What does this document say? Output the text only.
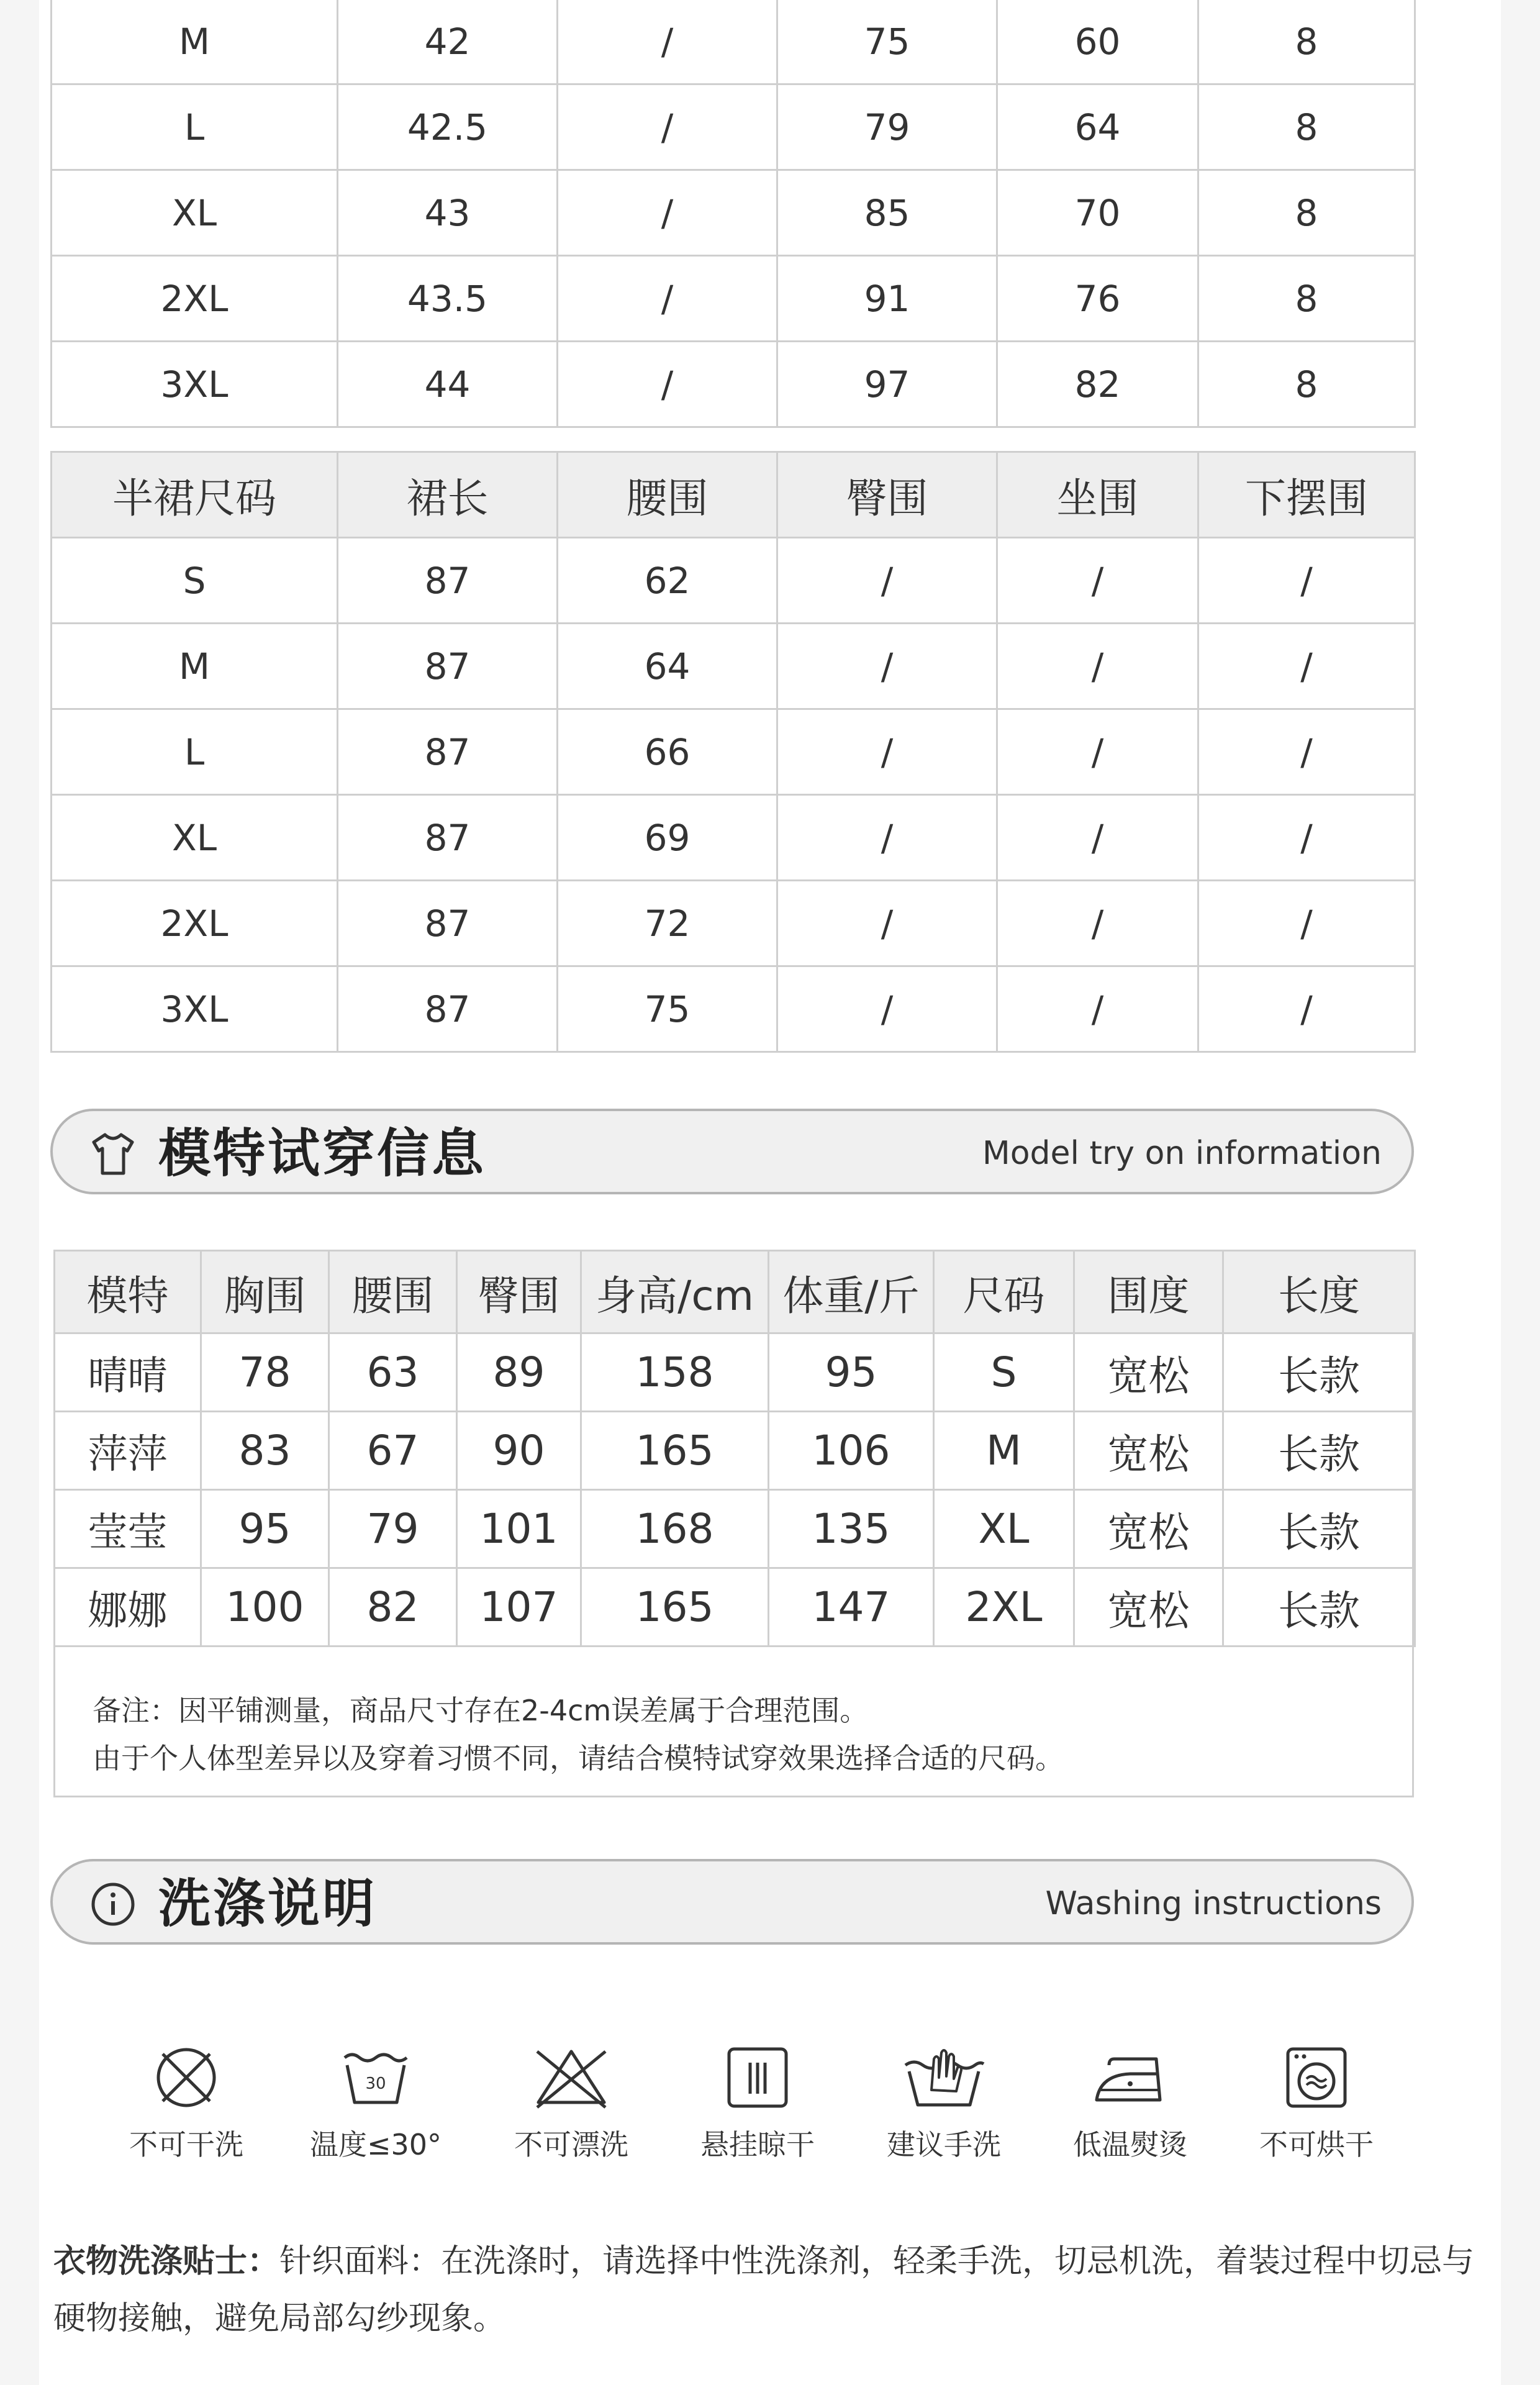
M	42	/	75	60	8
L	42.5	/	79	64	8
XL	43	/	85	70	8
2XL	43.5	/	91	76	8
3XL	44	/	97	82	8
半裙尺码	裙长	腰围	臀围	坐围	下摆围
S	87	62	/	/	/
M	87	64	/	/	/
L	87	66	/	/	/
XL	87	69	/	/	/
2XL	87	72	/	/	/
3XL	87	75	/	/	/
模特试穿信息	Model try on information
模特	胸围	腰围	臀围	身高/cm	体重/斤	尺码	围度	长度
晴晴	78	63	89	158	95	S	宽松	长款
萍萍	83	67	90	165	106	M	宽松	长款
莹莹	95	79	101	168	135	XL	宽松	长款
娜娜	100	82	107	165	147	2XL	宽松	长款
备注：因平铺测量，商品尺寸存在2-4cm误差属于合理范围。
由于个人体型差异以及穿着习惯不同，请结合模特试穿效果选择合适的尺码。
洗涤说明	Washing instructions
不可干洗
30
温度≤30°	不可漂洗	悬挂晾干	建议手洗	低温熨烫	不可烘干
衣物洗涤贴士：针织面料：在洗涤时，请选择中性洗涤剂，轻柔手洗，切忌机洗，着装过程中切忌与硬物接触，避免局部勾纱现象。
